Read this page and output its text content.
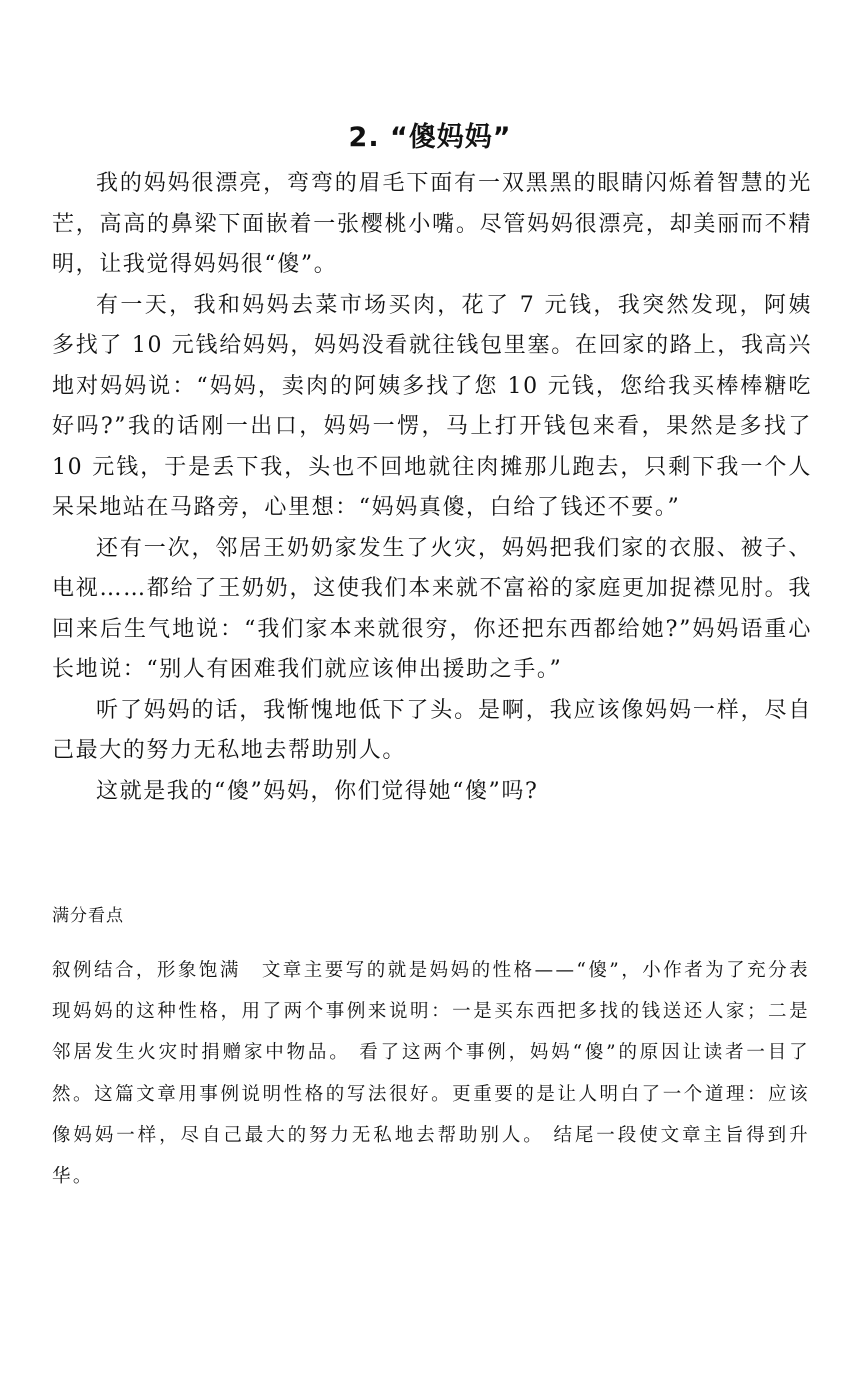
2. “傻妈妈”

我的妈妈很漂亮，弯弯的眉毛下面有一双黑黑的眼睛闪烁着智慧的光芒，高高的鼻梁下面嵌着一张樱桃小嘴。尽管妈妈很漂亮，却美丽而不精明，让我觉得妈妈很“傻”。

有一天，我和妈妈去菜市场买肉，花了 7 元钱，我突然发现，阿姨多找了 10 元钱给妈妈，妈妈没看就往钱包里塞。在回家的路上，我高兴地对妈妈说：“妈妈，卖肉的阿姨多找了您 10 元钱，您给我买棒棒糖吃好吗?”我的话刚一出口，妈妈一愣，马上打开钱包来看，果然是多找了 10 元钱，于是丢下我，头也不回地就往肉摊那儿跑去，只剩下我一个人呆呆地站在马路旁，心里想：“妈妈真傻，白给了钱还不要。”

还有一次，邻居王奶奶家发生了火灾，妈妈把我们家的衣服、被子、电视……都给了王奶奶，这使我们本来就不富裕的家庭更加捉襟见肘。我回来后生气地说：“我们家本来就很穷，你还把东西都给她?”妈妈语重心长地说：“别人有困难我们就应该伸出援助之手。”

听了妈妈的话，我惭愧地低下了头。是啊，我应该像妈妈一样，尽自己最大的努力无私地去帮助别人。

这就是我的“傻”妈妈，你们觉得她“傻”吗?

满分看点

叙例结合，形象饱满　文章主要写的就是妈妈的性格——“傻”，小作者为了充分表现妈妈的这种性格，用了两个事例来说明：一是买东西把多找的钱送还人家；二是邻居发生火灾时捐赠家中物品。 看了这两个事例，妈妈“傻”的原因让读者一目了然。这篇文章用事例说明性格的写法很好。更重要的是让人明白了一个道理：应该像妈妈一样，尽自己最大的努力无私地去帮助别人。 结尾一段使文章主旨得到升华。
